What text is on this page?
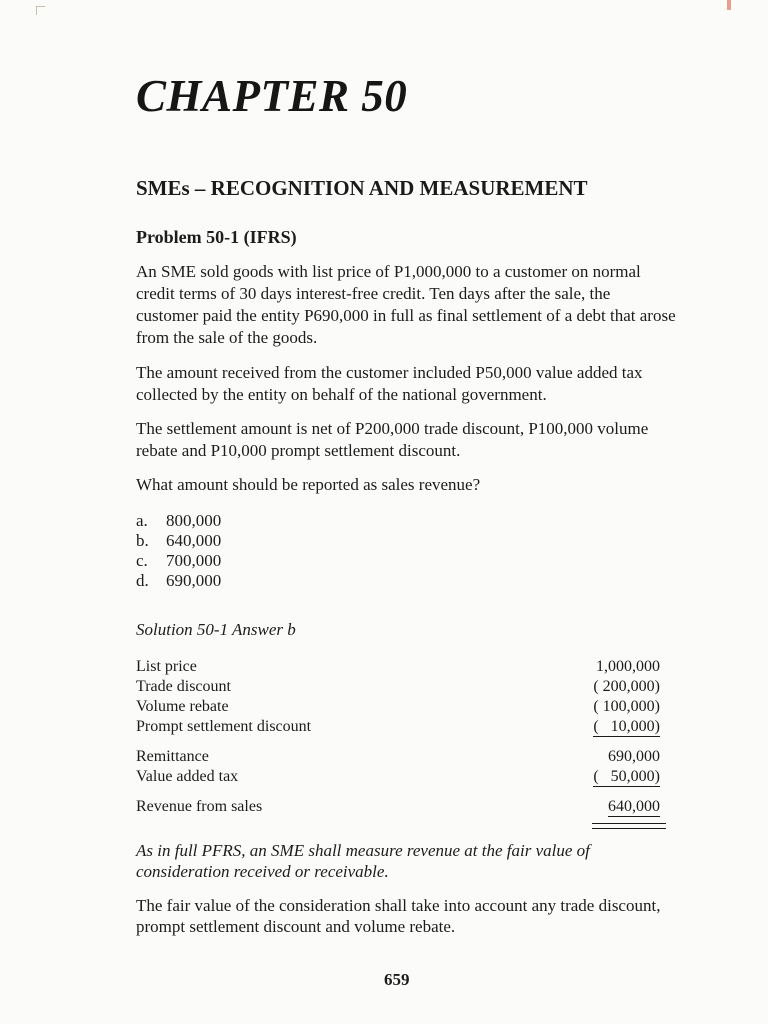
CHAPTER 50
SMEs – RECOGNITION AND MEASUREMENT
Problem 50-1 (IFRS)
An SME sold goods with list price of P1,000,000 to a customer on normal credit terms of 30 days interest-free credit. Ten days after the sale, the customer paid the entity P690,000 in full as final settlement of a debt that arose from the sale of the goods.
The amount received from the customer included P50,000 value added tax collected by the entity on behalf of the national government.
The settlement amount is net of P200,000 trade discount, P100,000 volume rebate and P10,000 prompt settlement discount.
What amount should be reported as sales revenue?
a.	800,000
b.	640,000
c.	700,000
d.	690,000
Solution 50-1 Answer b
List price	1,000,000
Trade discount	( 200,000)
Volume rebate	( 100,000)
Prompt settlement discount	(   10,000)
Remittance	690,000
Value added tax	(   50,000)
Revenue from sales	640,000
As in full PFRS, an SME shall measure revenue at the fair value of consideration received or receivable.
The fair value of the consideration shall take into account any trade discount, prompt settlement discount and volume rebate.
659
